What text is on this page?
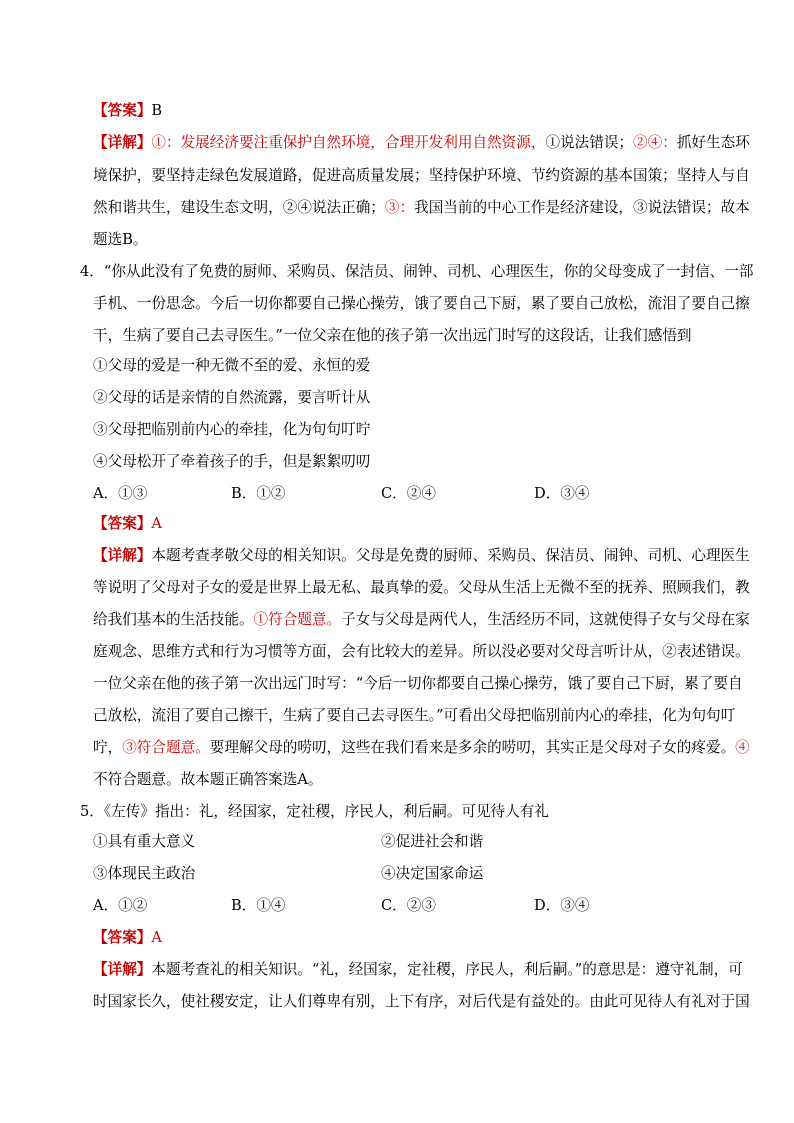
【答案】B
【详解】①：发展经济要注重保护自然环境，合理开发利用自然资源，①说法错误；②④：抓好生态环
境保护，要坚持走绿色发展道路，促进高质量发展；坚持保护环境、节约资源的基本国策；坚持人与自
然和谐共生，建设生态文明，②④说法正确；③：我国当前的中心工作是经济建设，③说法错误；故本
题选B。
4．“你从此没有了免费的厨师、采购员、保洁员、闹钟、司机、心理医生，你的父母变成了一封信、一部
手机、一份思念。今后一切你都要自己操心操劳，饿了要自己下厨，累了要自己放松，流泪了要自己擦
干，生病了要自己去寻医生。”一位父亲在他的孩子第一次出远门时写的这段话，让我们感悟到
①父母的爱是一种无微不至的爱、永恒的爱
②父母的话是亲情的自然流露，要言听计从
③父母把临别前内心的牵挂，化为句句叮咛
④父母松开了牵着孩子的手，但是絮絮叨叨
A．①③	B．①②	C．②④	D．③④
【答案】A
【详解】本题考查孝敬父母的相关知识。父母是免费的厨师、采购员、保洁员、闹钟、司机、心理医生
等说明了父母对子女的爱是世界上最无私、最真挚的爱。父母从生活上无微不至的抚养、照顾我们，教
给我们基本的生活技能。①符合题意。子女与父母是两代人，生活经历不同，这就使得子女与父母在家
庭观念、思维方式和行为习惯等方面，会有比较大的差异。所以没必要对父母言听计从，②表述错误。
一位父亲在他的孩子第一次出远门时写：“今后一切你都要自己操心操劳，饿了要自己下厨，累了要自
己放松，流泪了要自己擦干，生病了要自己去寻医生。”可看出父母把临别前内心的牵挂，化为句句叮
咛，③符合题意。要理解父母的唠叨，这些在我们看来是多余的唠叨，其实正是父母对子女的疼爱。④
不符合题意。故本题正确答案选A。
5．《左传》指出：礼，经国家，定社稷，序民人，利后嗣。可见待人有礼
①具有重大意义	②促进社会和谐
③体现民主政治	④决定国家命运
A．①②	B．①④	C．②③	D．③④
【答案】A
【详解】本题考查礼的相关知识。“礼，经国家，定社稷，序民人，利后嗣。”的意思是：遵守礼制，可
时国家长久，使社稷安定，让人们尊卑有别，上下有序，对后代是有益处的。由此可见待人有礼对于国
